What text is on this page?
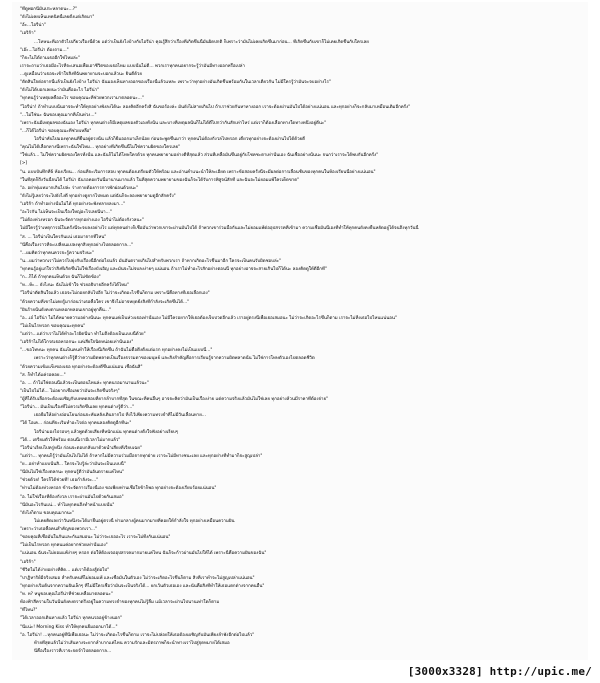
"ที่ดูพอกนีมันประหลาดนะ...?"
"ยังไม่เคยเห็นเทคนิคนี้เลยตั้งแต่เกิดมา"
"อ้ะ...ไอรีน่า"
"เอริก้า"
...โทษนะที่เอาตัวไปเกี่ยวเรื่องนี้ด้วย แต่ว่าเป็นยังไงบ้างกับไอรีน่า คุณรู้สึกว่าเรื่องที่เกิดขึ้นนี้มันผิดปกติ ก็เพราะว่ามันไม่เคยเกิดขึ้นมาก่อน... ที่เกิดขึ้นกับเขาก็ไม่เคยเกิดขึ้นกับใครเลย
"เอ๊ะ...ไอรีน่า ต้องถาม..."
"ก็จะไม่ได้ถามเธออีกใช่ไหมล่ะ"
เราจะถามว่าเธอมีอะไรที่จะเสนอเพื่อเอาชีวิตของเธอไหม แบบนั้นไม่ดี... พวกเราทุกคนอยากจะรู้ว่ามันมีทางออกหรือเปล่า
...ดูเหมือนว่าเธอจะเข้าใจสิ่งที่ฉันพยายามจะบอกแล้วนะ ยินดีด้วย
"ตัดสินใจต่อจากนี้แล้วเป็นยังไงบ้าง ไอรีน่า ฉันมองเห็นทางออกของเรื่องนี้แล้วแหละ เพราะว่าทุกอย่างมันเกิดขึ้นพร้อมกันในเวลาเดียวกัน ไม่มีใครรู้ว่ามันจะจบอย่างไร"
"ยังไม่ได้บอกเลยนะว่ามันคืออะไร ไอรีน่า"
"ทุกคนรู้ว่าเหตุผลคืออะไร ขอบคุณนะที่ช่วยพวกเรามาตลอดนะ..."
"ไอรีน่า! ถ้าทำแบบนั้นอาจจะทำให้ทุกอย่างพังลงได้นะ ลองคิดอีกครั้งสิ ฉันขอร้องล่ะ มันยังไม่สายเกินไป ถ้าเราช่วยกันหาทางออก เราจะต้องผ่านมันไปได้อย่างแน่นอน และทุกอย่างก็จะกลับมาเหมือนเดิมอีกครั้ง"
"...ไม่ใช่นะ ฉันขอบคุณมากที่เป็นห่วง..."
"เพราะฉันมีเหตุผลของฉันเอง ไอรีน่า ทุกคนต่างก็มีเหตุผลของตัวเองทั้งนั้น และบางทีเหตุผลนั้นก็ไม่ได้ดีไปกว่ากันสักเท่าไหร่ แต่เราก็ต้องเลือกทางใดทางหนึ่งอยู่ดีนะ"
"...ก็ได้ไอรีน่า ขอบคุณนะที่ช่วยเหลือ"
ไอรีน่าหันไปมองทุกคนที่ยืนอยู่ตรงนั้น แล้วก็ยิ้มออกมาเล็กน้อย ก่อนจะพูดขึ้นมาว่า ทุกคนไม่ต้องกังวลไปหรอก เดี๋ยวทุกอย่างจะต้องผ่านไปได้ด้วยดี
"คุณไม่ได้เลือกทางนี้เพราะฉันใช่ไหม... ทุกอย่างที่เกิดขึ้นนี้ไม่ใช่ความผิดของใครเลย"
"ใช่แล้ว... ไม่ใช่ความผิดของใครทั้งนั้น และฉันก็ไม่ได้โทษใครด้วย ทุกคนพยายามอย่างดีที่สุดแล้ว ส่วนที่เหลือมันขึ้นอยู่กับโชคชะตาเท่านั้นเอง ฉันเชื่ออย่างนั้นนะ จนกว่าเราจะได้พบกันอีกครั้ง"
[>]
"น. แบบบันทึกที่6 ห้องเรียน... ก่อนที่จะเริ่มการสอบ ทุกคนต้องเตรียมตัวให้พร้อม และอ่านคำแนะนำให้ละเอียด เพราะข้อสอบครั้งนี้จะมีผลต่อการเลื่อนชั้นของทุกคนในห้องเรียนนี้อย่างแน่นอน"
"ในที่สุดก็ถึงวันนี้จนได้ ไอรีน่า ฉันรอคอยวันนี้มานานมากแล้ว ในที่สุดความพยายามของฉันก็จะได้รับการพิสูจน์สักที และฉันจะไม่ยอมแพ้ใครเด็ดขาด"
"อ. อย่าทุ่มเทมากเกินไปล่ะ ร่างกายต้องการการพักผ่อนด้วยนะ"
"ยังไม่รู้เลยว่าจะไปยังไงดี ทุกอย่างดูยากไปหมด แต่ฉันก็จะลองพยายามดูอีกสักครั้ง"
"เอริก้า ถ้าทำอย่างนั้นไม่ได้ ทุกอย่างจะพังทลายลงมา..."
"อะไรกัน ไม่เห็นจะเป็นเรื่องใหญ่อะไรเลยนี่นา..."
"ไม่ต้องห่วงหรอก ฉันจะจัดการทุกอย่างเอง ไอรีน่าไม่ต้องกังวลนะ"
ไม่มีใครรู้ว่าเหตุการณ์ในครั้งนี้จะจบลงอย่างไร แต่ทุกคนต่างก็เชื่อมั่นว่าพวกเขาจะผ่านมันไปได้ ถ้าพวกเขาร่วมมือกันและไม่ยอมแพ้ต่ออุปสรรคที่เข้ามา ความเชื่อมั่นนี้เองที่ทำให้ทุกคนยังคงยืนหยัดอยู่ได้จนถึงทุกวันนี้
"ส. ... ไอรีน่าเป็นใครกันแน่ เธอมาจากที่ไหน"
"นี่คือเรื่องราวที่จะเปลี่ยนแปลงทุกสิ่งทุกอย่างไปตลอดกาล..."
"...ผมคิดว่าทุกคนควรจะรู้ความจริงนะ"
"น...ผมว่าพวกเราไม่ควรไปยุ่งกับเรื่องนี้อีกต่อไปแล้ว มันอันตรายเกินไปสำหรับพวกเรา ถ้าหากเกิดอะไรขึ้นมาอีก ใครจะเป็นคนรับผิดชอบล่ะ"
"ทุกคนรู้อยู่แก่ใจว่าสิ่งที่เกิดขึ้นไม่ใช่เรื่องบังเอิญ และมันจะไม่จบลงง่ายๆ แน่นอน ถ้าเราไม่ทำอะไรสักอย่างตอนนี้ ทุกอย่างอาจจะสายเกินไปก็ได้นะ ลองคิดดูให้ดีอีกที"
"ก...ก็ได้ ถ้าทุกคนเห็นด้วย ฉันก็ไม่ขัดข้อง"
"ห...ห้ะ... ยังไงนะ ฉันไม่เข้าใจ ช่วยอธิบายอีกครั้งได้ไหม"
"ไอรีน่าตัดสินใจแล้ว เธอจะไม่ถอยกลับไปอีก ไม่ว่าจะเกิดอะไรขึ้นก็ตาม เพราะนี่คือทางที่เธอเลือกเอง"
"ด้วยความที่เขาไม่เคยรู้มาก่อนว่าเธอคือใคร เขาจึงไม่อาจหยุดยั้งสิ่งที่กำลังจะเกิดขึ้นได้..."
"ฝันร้ายนั้นยังคงตามหลอกหลอนเขาอยู่ทุกคืน..."
"อ...เอ๋ ไอรีน่า ไม่ได้หมายความอย่างนั้นนะ ทุกคนแค่เป็นห่วงเธอเท่านั้นเอง ไม่มีใครอยากให้เธอต้องเจ็บปวดอีกแล้ว เราอยู่ตรงนี้เพื่อเธอเสมอนะ ไม่ว่าจะเกิดอะไรขึ้นก็ตาม เราจะไม่ทิ้งเธอไปไหนแน่นอน"
"ไม่เป็นไรหรอก ขอบคุณนะทุกคน"
"แต่ว่า...แต่ว่าเราไม่ได้ทำอะไรผิดนี่นา ทำไมถึงต้องเป็นแบบนี้ด้วย"
"เอริก้าไม่ได้โกรธเธอหรอกนะ แค่เสียใจนิดหน่อยเท่านั้นเอง"
"...ขอโทษนะ ทุกคน ฉันเป็นคนทำให้เรื่องนี้เกิดขึ้น ถ้าฉันไม่ดื้อดึงตั้งแต่แรก ทุกอย่างคงไม่เป็นแบบนี้..."
เพราะว่าทุกคนต่างก็รู้ดีว่าความผิดพลาดเป็นเรื่องธรรมดาของมนุษย์ และสิ่งสำคัญคือการเรียนรู้จากความผิดพลาดนั้น ไม่ใช่การโทษตัวเองไปตลอดชีวิต
"ด้วยความเข้มแข็งของเธอ ทุกอย่างจะต้องดีขึ้นแน่นอน เชื่อฉันสิ"
"ส. ก็ทำได้แค่รอคอย..."
"อ. ... ถ้าไม่ใช่ตอนนี้แล้วจะเป็นตอนไหนล่ะ ทุกคนรอมานานแล้วนะ"
"เป็นไปไม่ได้... ไม่อยากเชื่อเลยว่ามันจะเกิดขึ้นจริงๆ"
"ผู้ที่ได้รับเลือกจะต้องเผชิญกับบททดสอบที่ยากลำบากที่สุด ในขณะที่คนอื่นๆ อาจจะคิดว่ามันเป็นเรื่องง่าย แต่ความจริงแล้วมันไม่ใช่เลย ทุกอย่างล้วนมีราคาที่ต้องจ่าย"
"ไอรีน่า... มันเป็นเรื่องที่ไม่ควรเกิดขึ้นเลย ทุกคนต่างรู้ดีว่า..."
เธอยิ้มให้อย่างอ่อนโยนก่อนจะหันหลังเดินจากไป ทิ้งไว้เพียงความทรงจำที่ไม่มีวันเลือนหาย...
"ได้ โอเค... ก่อนที่จะเริ่มทำอะไรต่อ ทุกคนลองคิดดูอีกทีนะ"
ไอรีน่ามองไปรอบๆ แล้วพูดด้วยเสียงที่หนักแน่น ทุกคนต่างตั้งใจฟังอย่างเงียบๆ
"ได้... เตรียมตัวให้พร้อม ตอนนี้เรามีเวลาไม่มากแล้ว"
"ไอรีน่าเงียบไปครู่หนึ่ง ก่อนจะตอบกลับมาด้วยน้ำเสียงที่เรียบเฉย"
"แต่ว่า... ทุกคนก็รู้ว่ามันเป็นไปไม่ได้ ถ้าหากไม่มีความร่วมมือจากทุกฝ่าย เราจะไม่มีทางชนะเลย และทุกอย่างที่ทำมาก็จะสูญเปล่า"
"ย...อย่าทำแบบนั้นสิ... ใครจะไปรู้ล่ะว่ามันจะเป็นแบบนี้"
"นี่มันไม่ใช่เรื่องตลกนะ ทุกคนรู้ดีว่ามันอันตรายแค่ไหน"
"ช่วยด้วย! ใครก็ได้ช่วยที! เธอกำลังจะ..."
"ท่านไม่ต้องห่วงหรอก ข้าจะจัดการเรื่องนี้เอง ขอเพียงท่านเชื่อใจข้าก็พอ ทุกอย่างจะต้องเรียบร้อยแน่นอน"
"อ. ไม่ใช่เรื่องที่ต้องกังวล เราจะผ่านมันไปด้วยกันเสมอ"
"นี่มันอะไรกันแน่... ทำไมทุกคนถึงทำหน้าแบบนั้น"
"ยังไงก็ตาม ขอบคุณมากนะ"
ไม่เคยคิดเลยว่าวันหนึ่งจะได้มายืนอยู่ตรงนี้ ท่ามกลางผู้คนมากมายที่คอยให้กำลังใจ ทุกอย่างเหมือนความฝัน
"เพราะว่าเธอคือคนสำคัญของพวกเรา..."
"ขอบคุณที่เชื่อมั่นในกันและกันเสมอนะ ไม่ว่าจะเจออะไร เราจะไม่ทิ้งกันแน่นอน"
"ไม่เป็นไรหรอก ทุกคนแค่อยากช่วยเท่านั้นเอง"
"แน่นอน ฉันจะไม่ยอมแพ้ง่ายๆ หรอก ต่อให้ต้องเจออุปสรรคมากมายแค่ไหน ฉันก็จะก้าวผ่านมันไปให้ได้ เพราะนี่คือความฝันของฉัน"
"เอริก้า"
"ชีวิตไม่ได้ง่ายอย่างที่คิด... แต่เราก็ต้องสู้ต่อไป"
"ปาฏิหาริย์มีจริงเสมอ สำหรับคนที่ไม่ยอมแพ้ และเชื่อมั่นในตัวเอง ไม่ว่าจะเกิดอะไรขึ้นก็ตาม สิ่งที่เราทำจะไม่สูญเปล่าแน่นอน"
"ทุกอย่างเริ่มต้นจากความฝันเล็กๆ ที่ไม่มีใครเชื่อว่ามันจะเป็นจริงได้... ยกเว้นตัวเธอเอง และนั่นคือสิ่งที่ทำให้เธอแตกต่างจากคนอื่น"
"ห. ห? หนูขอบคุณไอรีน่าที่ช่วยเหลือมาตลอดนะ"
ท้องฟ้าสีครามในวันนั้นยังคงตราตรึงอยู่ในความทรงจำของทุกคนไม่รู้ลืม แม้เวลาจะผ่านไปนานเท่าใดก็ตาม
"ที่ไหน?"
"ได้เวลาออกเดินทางแล้ว ไอรีน่า ทุกคนรออยู่ข้างนอก"
"นี่แน่ะ! Morning Kiss ทำให้ทุกคนยิ้มออกมาได้..."
"อ. ไอรีน่า! ...ทุกคนอยู่ที่นี่เพื่อเธอนะ ไม่ว่าจะเกิดอะไรขึ้นก็ตาม เราจะไม่ปล่อยให้เธอต้องเผชิญกับมันเพียงลำพังอีกต่อไปแล้ว"
ท้ายที่สุดแล้วไม่ว่าเส้นทางจะยากลำบากแค่ไหน ความรักและมิตรภาพก็จะนำทางเราไปสู่จุดหมายได้เสมอ
นี่คือเรื่องราวที่เราจะจดจำไปตลอดกาล...
[3000x3328] http://upic.me/
